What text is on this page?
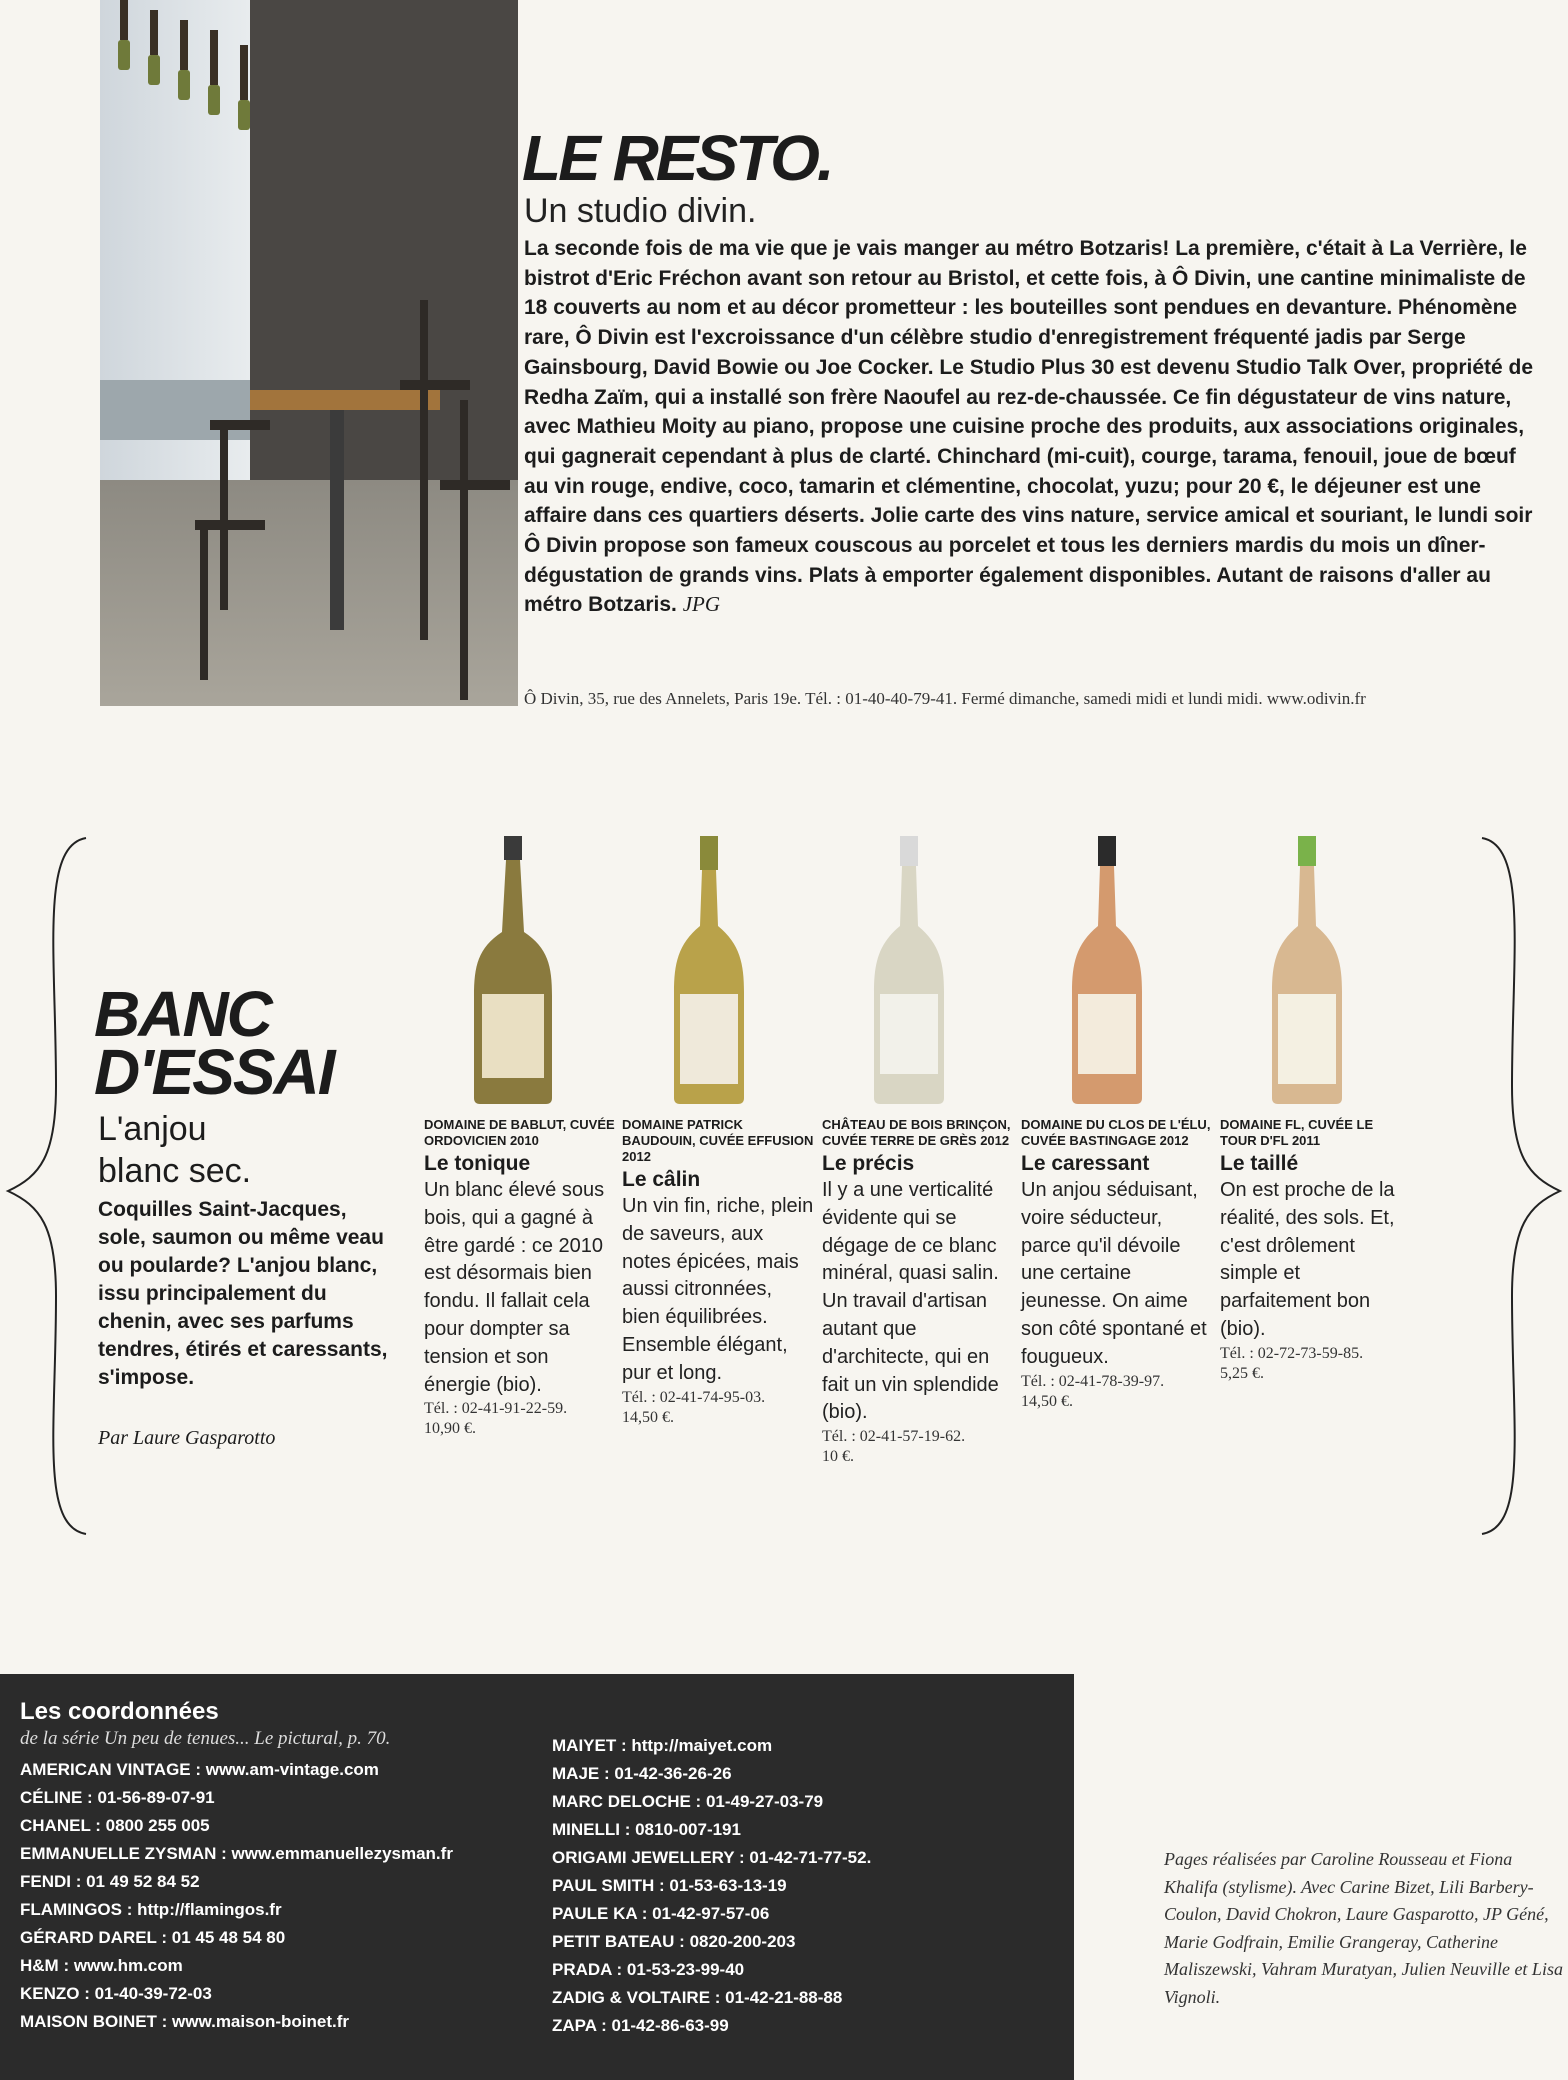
LE RESTO.
Un studio divin.
La seconde fois de ma vie que je vais manger au métro Botzaris! La première, c'était à La Verrière, le bistrot d'Eric Fréchon avant son retour au Bristol, et cette fois, à Ô Divin, une cantine minimaliste de 18 couverts au nom et au décor prometteur : les bouteilles sont pendues en devanture. Phénomène rare, Ô Divin est l'excroissance d'un célèbre studio d'enregistrement fréquenté jadis par Serge Gainsbourg, David Bowie ou Joe Cocker. Le Studio Plus 30 est devenu Studio Talk Over, propriété de Redha Zaïm, qui a installé son frère Naoufel au rez-de-chaussée. Ce fin dégustateur de vins nature, avec Mathieu Moity au piano, propose une cuisine proche des produits, aux associations originales, qui gagnerait cependant à plus de clarté. Chinchard (mi-cuit), courge, tarama, fenouil, joue de bœuf au vin rouge, endive, coco, tamarin et clémentine, chocolat, yuzu; pour 20 €, le déjeuner est une affaire dans ces quartiers déserts. Jolie carte des vins nature, service amical et souriant, le lundi soir Ô Divin propose son fameux couscous au porcelet et tous les derniers mardis du mois un dîner-dégustation de grands vins. Plats à emporter également disponibles. Autant de raisons d'aller au métro Botzaris. JPG
Ô Divin, 35, rue des Annelets, Paris 19e. Tél. : 01-40-40-79-41. Fermé dimanche, samedi midi et lundi midi. www.odivin.fr
BANC
D'ESSAI
L'anjou
blanc sec.
Coquilles Saint-Jacques, sole, saumon ou même veau ou poularde? L'anjou blanc, issu principalement du chenin, avec ses parfums tendres, étirés et caressants, s'impose.
Par Laure Gasparotto
DOMAINE DE BABLUT, CUVÉE ORDOVICIEN 2010
Le tonique
Un blanc élevé sous bois, qui a gagné à être gardé : ce 2010 est désormais bien fondu. Il fallait cela pour dompter sa tension et son énergie (bio).
Tél. : 02-41-91-22-59.
10,90 €.
DOMAINE PATRICK BAUDOUIN, CUVÉE EFFUSION 2012
Le câlin
Un vin fin, riche, plein de saveurs, aux notes épicées, mais aussi citronnées, bien équilibrées. Ensemble élégant, pur et long.
Tél. : 02-41-74-95-03.
14,50 €.
CHÂTEAU DE BOIS BRINÇON, CUVÉE TERRE DE GRÈS 2012
Le précis
Il y a une verticalité évidente qui se dégage de ce blanc minéral, quasi salin. Un travail d'artisan autant que d'architecte, qui en fait un vin splendide (bio).
Tél. : 02-41-57-19-62.
10 €.
DOMAINE DU CLOS DE L'ÉLU, CUVÉE BASTINGAGE 2012
Le caressant
Un anjou séduisant, voire séducteur, parce qu'il dévoile une certaine jeunesse. On aime son côté spontané et fougueux.
Tél. : 02-41-78-39-97.
14,50 €.
DOMAINE FL, CUVÉE LE TOUR D'FL 2011
Le taillé
On est proche de la réalité, des sols. Et, c'est drôlement simple et parfaitement bon (bio).
Tél. : 02-72-73-59-85.
5,25 €.
Les coordonnées
de la série Un peu de tenues... Le pictural, p. 70.
AMERICAN VINTAGE : www.am-vintage.com
CÉLINE : 01-56-89-07-91
CHANEL : 0800 255 005
EMMANUELLE ZYSMAN : www.emmanuellezysman.fr
FENDI : 01 49 52 84 52
FLAMINGOS : http://flamingos.fr
GÉRARD DAREL : 01 45 48 54 80
H&M : www.hm.com
KENZO : 01-40-39-72-03
MAISON BOINET : www.maison-boinet.fr
MAIYET : http://maiyet.com
MAJE : 01-42-36-26-26
MARC DELOCHE : 01-49-27-03-79
MINELLI : 0810-007-191
ORIGAMI JEWELLERY : 01-42-71-77-52.
PAUL SMITH : 01-53-63-13-19
PAULE KA : 01-42-97-57-06
PETIT BATEAU : 0820-200-203
PRADA : 01-53-23-99-40
ZADIG & VOLTAIRE : 01-42-21-88-88
ZAPA : 01-42-86-63-99
Pages réalisées par Caroline Rousseau et Fiona Khalifa (stylisme). Avec Carine Bizet, Lili Barbery-Coulon, David Chokron, Laure Gasparotto, JP Géné, Marie Godfrain, Emilie Grangeray, Catherine Maliszewski, Vahram Muratyan, Julien Neuville et Lisa Vignoli.
